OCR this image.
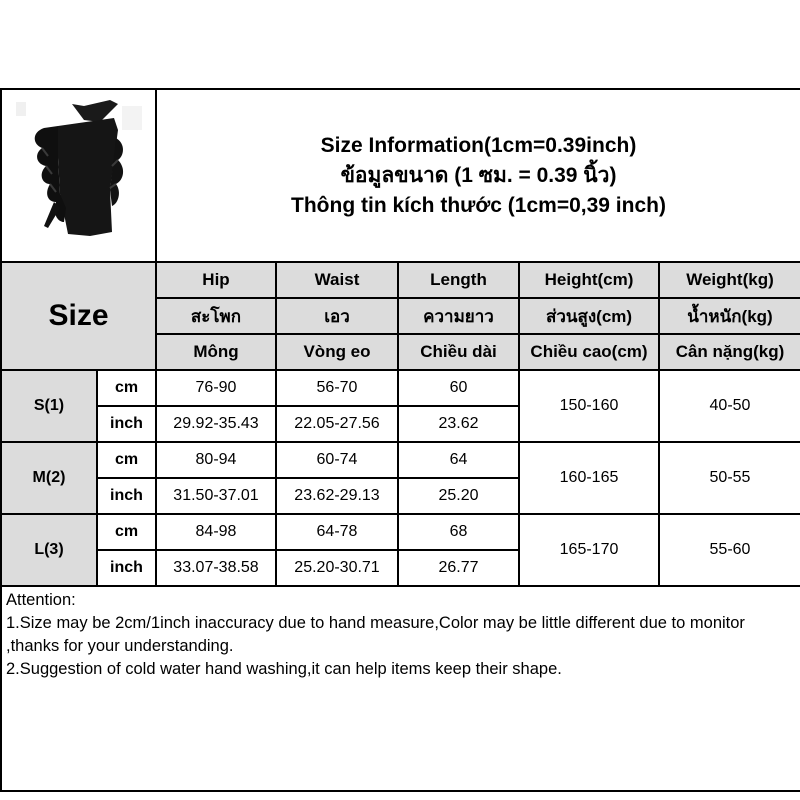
Size Information(1cm=0.39inch)
ข้อมูลขนาด (1 ซม. = 0.39 นิ้ว)
Thông tin kích thước (1cm=0,39 inch)				

Size		Hip	Waist	Length	Height(cm)	Weight(kg)
		สะโพก	เอว	ความยาว	ส่วนสูง(cm)	น้ำหนัก(kg)
		Mông	Vòng eo	Chiều dài	Chiều cao(cm)	Cân nặng(kg)
S(1)	cm	76-90	56-70	60	150-160	40-50
	inch	29.92-35.43	22.05-27.56	23.62		
M(2)	cm	80-94	60-74	64	160-165	50-55
	inch	31.50-37.01	23.62-29.13	25.20		
L(3)	cm	84-98	64-78	68	165-170	55-60
	inch	33.07-38.58	25.20-30.71	26.77		

Attention:
1.Size may be 2cm/1inch inaccuracy due to hand measure,Color may be little different due to monitor ,thanks for your understanding.
2.Suggestion of cold water hand washing,it can help items keep their shape.						
